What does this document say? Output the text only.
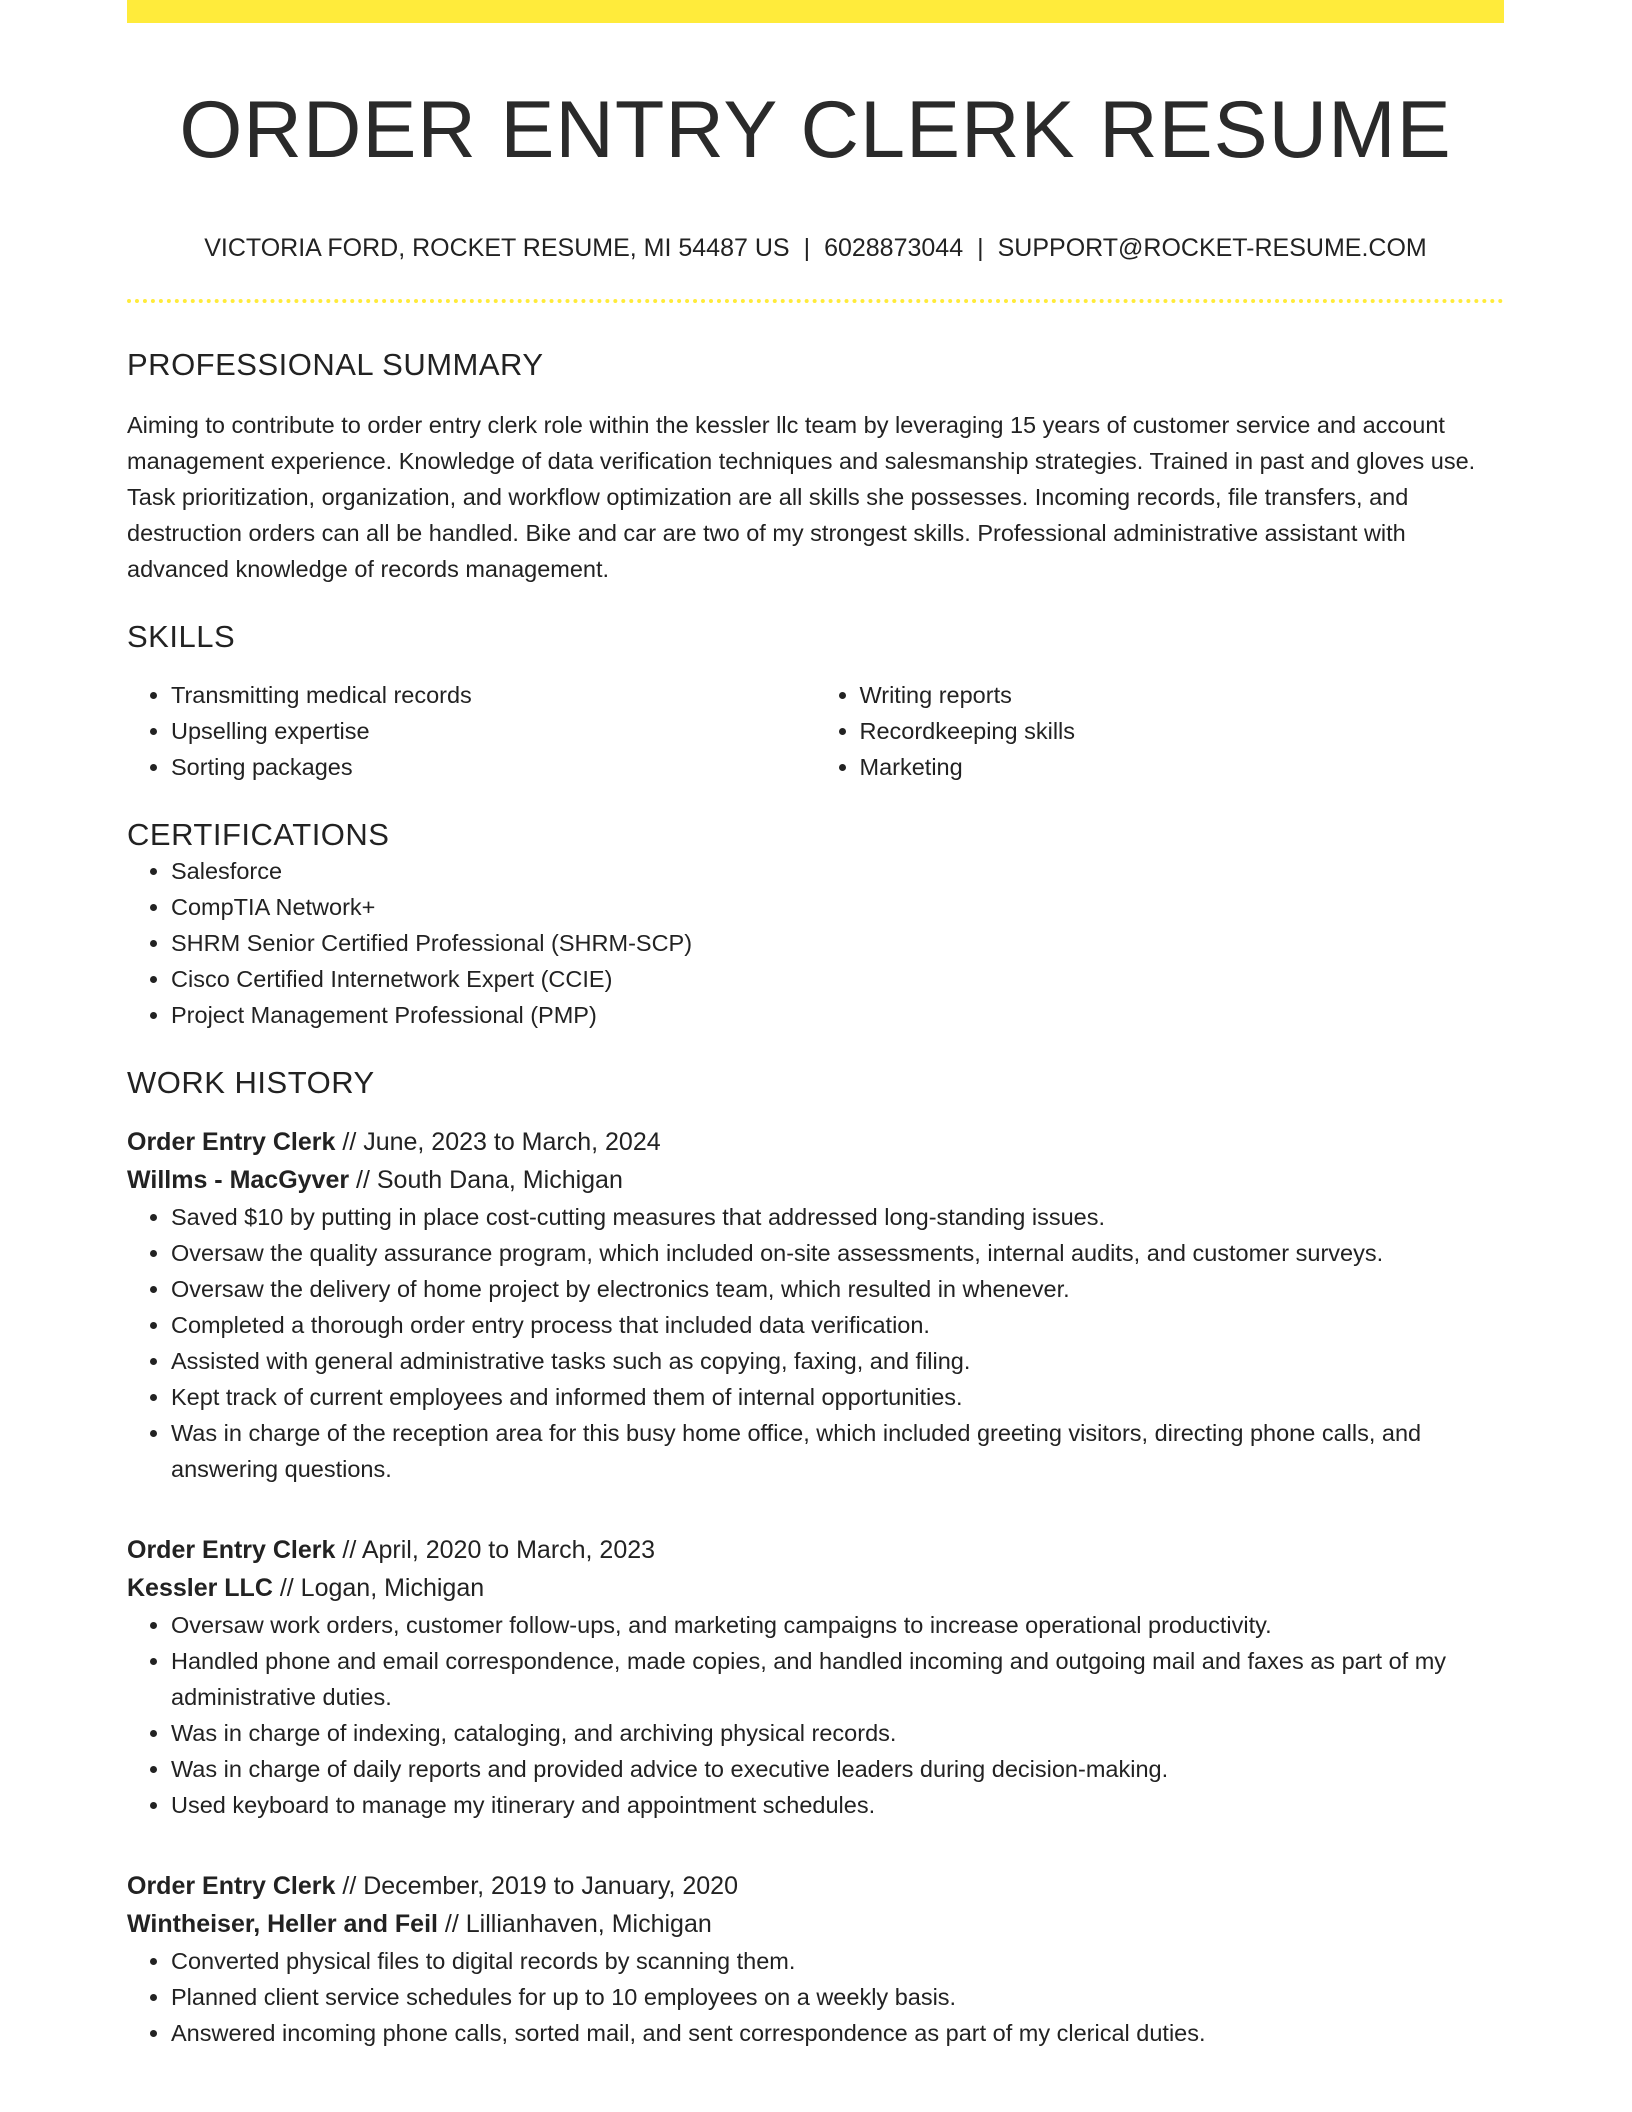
ORDER ENTRY CLERK RESUME
VICTORIA FORD, ROCKET RESUME, MI 54487 US | 6028873044 | SUPPORT@ROCKET-RESUME.COM
PROFESSIONAL SUMMARY

Aiming to contribute to order entry clerk role within the kessler llc team by leveraging 15 years of customer service and account management experience. Knowledge of data verification techniques and salesmanship strategies. Trained in past and gloves use. Task prioritization, organization, and workflow optimization are all skills she possesses. Incoming records, file transfers, and destruction orders can all be handled. Bike and car are two of my strongest skills. Professional administrative assistant with advanced knowledge of records management.

SKILLS
• Transmitting medical records
• Upselling expertise
• Sorting packages
• Writing reports
• Recordkeeping skills
• Marketing
CERTIFICATIONS
• Salesforce
• CompTIA Network+
• SHRM Senior Certified Professional (SHRM-SCP)
• Cisco Certified Internetwork Expert (CCIE)
• Project Management Professional (PMP)
WORK HISTORY
Order Entry Clerk // June, 2023 to March, 2024
Willms - MacGyver // South Dana, Michigan
• Saved $10 by putting in place cost-cutting measures that addressed long-standing issues.
• Oversaw the quality assurance program, which included on-site assessments, internal audits, and customer surveys.
• Oversaw the delivery of home project by electronics team, which resulted in whenever.
• Completed a thorough order entry process that included data verification.
• Assisted with general administrative tasks such as copying, faxing, and filing.
• Kept track of current employees and informed them of internal opportunities.
• Was in charge of the reception area for this busy home office, which included greeting visitors, directing phone calls, and answering questions.
Order Entry Clerk // April, 2020 to March, 2023
Kessler LLC // Logan, Michigan
• Oversaw work orders, customer follow-ups, and marketing campaigns to increase operational productivity.
• Handled phone and email correspondence, made copies, and handled incoming and outgoing mail and faxes as part of my administrative duties.
• Was in charge of indexing, cataloging, and archiving physical records.
• Was in charge of daily reports and provided advice to executive leaders during decision-making.
• Used keyboard to manage my itinerary and appointment schedules.
Order Entry Clerk // December, 2019 to January, 2020
Wintheiser, Heller and Feil // Lillianhaven, Michigan
• Converted physical files to digital records by scanning them.
• Planned client service schedules for up to 10 employees on a weekly basis.
• Answered incoming phone calls, sorted mail, and sent correspondence as part of my clerical duties.
